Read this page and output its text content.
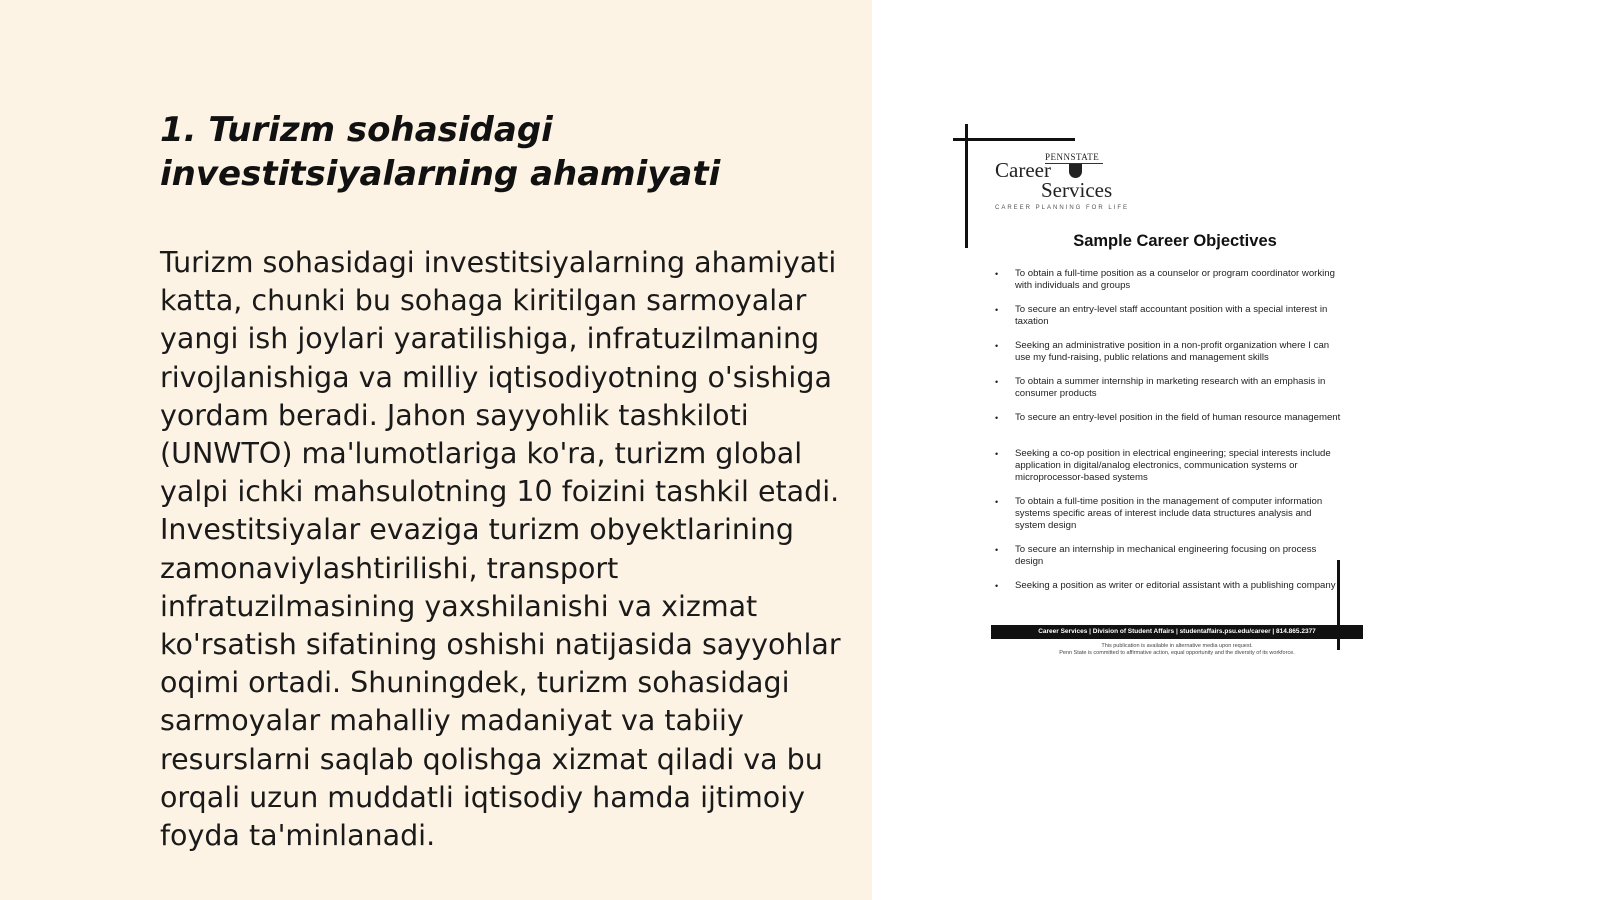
1. Turizm sohasidagi investitsiyalarning ahamiyati

Turizm sohasidagi investitsiyalarning ahamiyati katta, chunki bu sohaga kiritilgan sarmoyalar yangi ish joylari yaratilishiga, infratuzilmaning rivojlanishiga va milliy iqtisodiyotning o'sishiga yordam beradi. Jahon sayyohlik tashkiloti (UNWTO) ma'lumotlariga ko'ra, turizm global yalpi ichki mahsulotning 10 foizini tashkil etadi. Investitsiyalar evaziga turizm obyektlarining zamonaviylashtirilishi, transport infratuzilmasining yaxshilanishi va xizmat ko'rsatish sifatining oshishi natijasida sayyohlar oqimi ortadi. Shuningdek, turizm sohasidagi sarmoyalar mahalliy madaniyat va tabiiy resurslarni saqlab qolishga xizmat qiladi va bu orqali uzun muddatli iqtisodiy hamda ijtimoiy foyda ta'minlanadi.

PENNSTATE
Career
Services
CAREER PLANNING FOR LIFE
Sample Career Objectives
• To obtain a full-time position as a counselor or program coordinator working with individuals and groups
• To secure an entry-level staff accountant position with a special interest in taxation
• Seeking an administrative position in a non-profit organization where I can use my fund-raising, public relations and management skills
• To obtain a summer internship in marketing research with an emphasis in consumer products
• To secure an entry-level position in the field of human resource management
• Seeking a co-op position in electrical engineering; special interests include application in digital/analog electronics, communication systems or microprocessor-based systems
• To obtain a full-time position in the management of computer information systems specific areas of interest include data structures analysis and system design
• To secure an internship in mechanical engineering focusing on process design
• Seeking a position as writer or editorial assistant with a publishing company
Career Services | Division of Student Affairs | studentaffairs.psu.edu/career | 814.865.2377
This publication is available in alternative media upon request.
Penn State is committed to affirmative action, equal opportunity and the diversity of its workforce.
